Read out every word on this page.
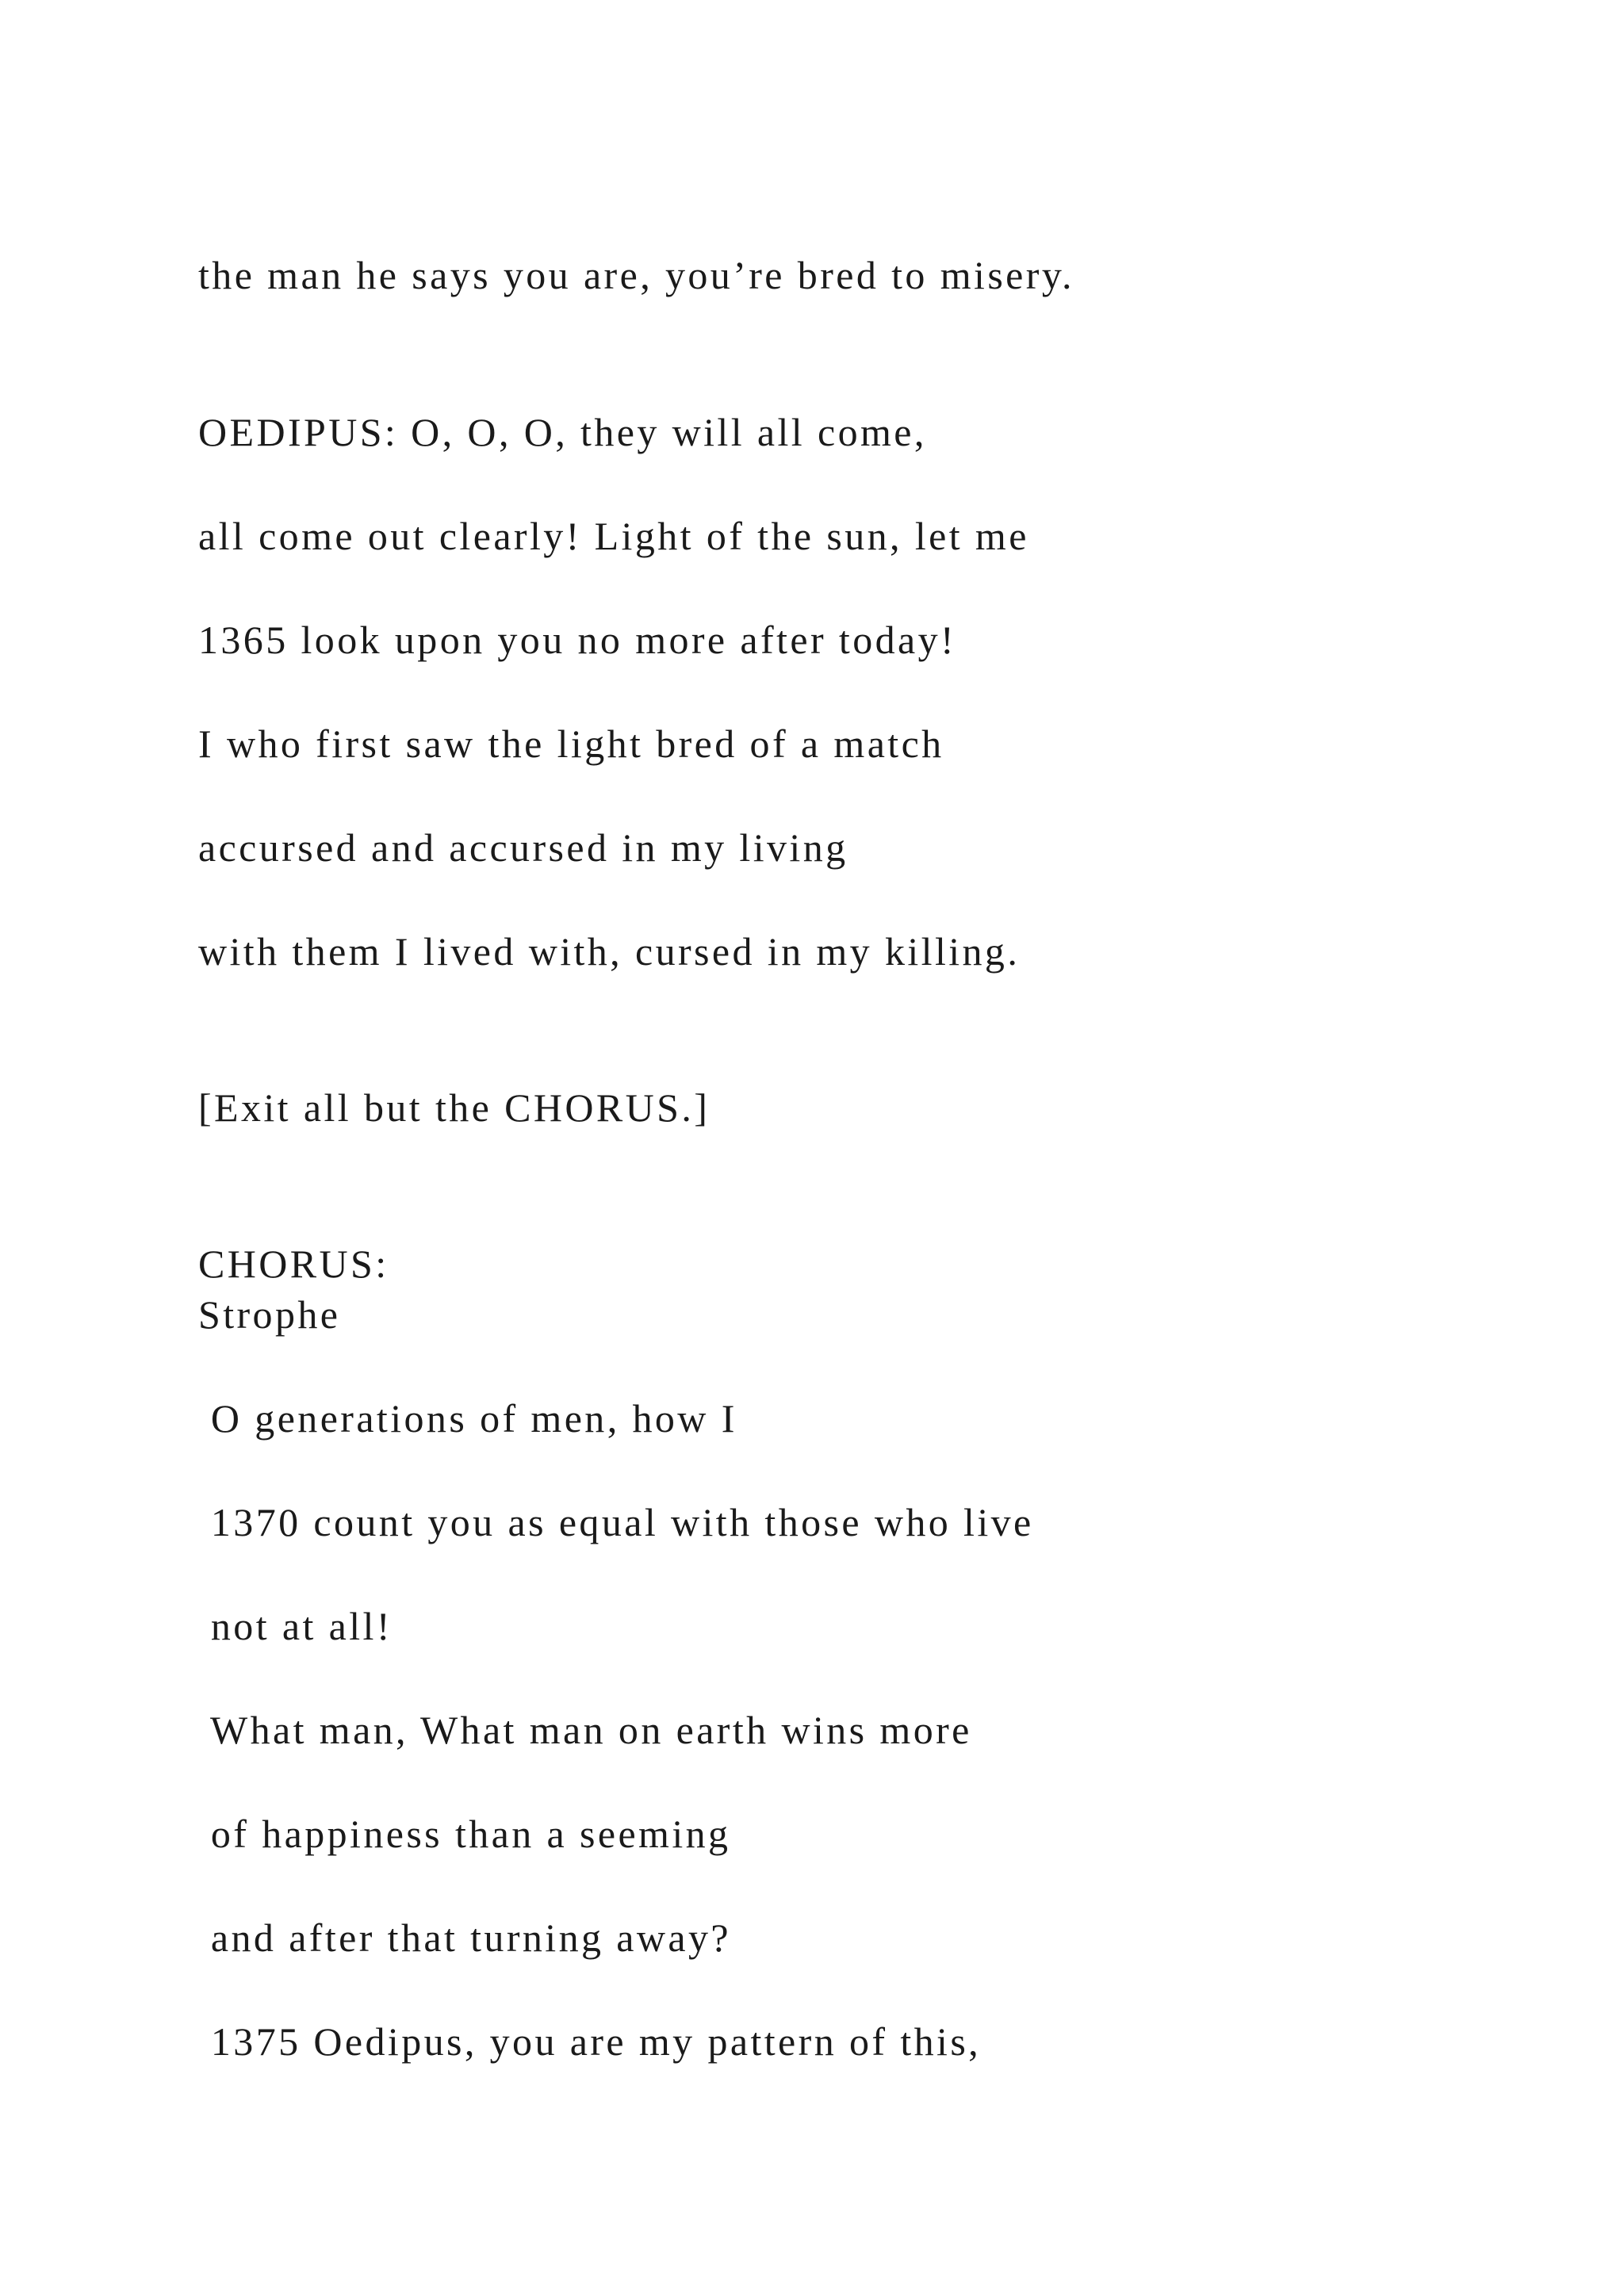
the man he says you are, you’re bred to misery.
OEDIPUS: O, O, O, they will all come,
all come out clearly! Light of the sun, let me
1365 look upon you no more after today!
I who first saw the light bred of a match
accursed and accursed in my living
with them I lived with, cursed in my killing.
[Exit all but the CHORUS.]
CHORUS:
Strophe
O generations of men, how I
1370 count you as equal with those who live
not at all!
What man, What man on earth wins more
of happiness than a seeming
and after that turning away?
1375 Oedipus, you are my pattern of this,
